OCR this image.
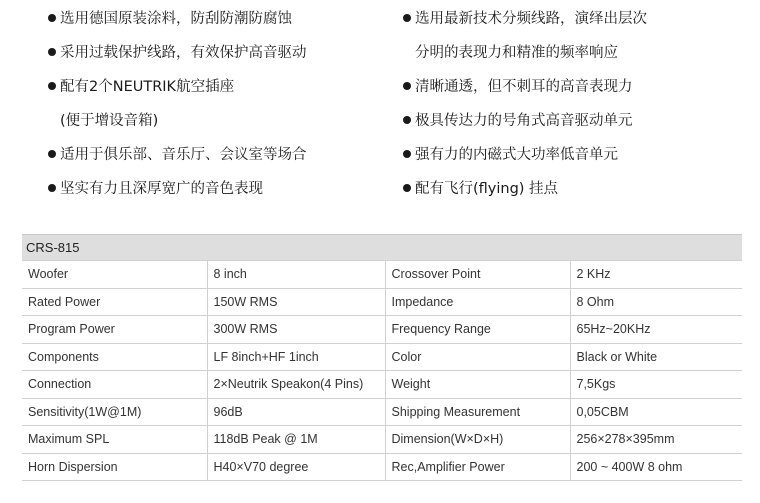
选用德国原装涂料，防刮防潮防腐蚀
采用过载保护线路，有效保护高音驱动
配有2个NEUTRIK航空插座
(便于增设音箱)
适用于俱乐部、音乐厅、会议室等场合
坚实有力且深厚宽广的音色表现
选用最新技术分频线路，演绎出层次
分明的表现力和精准的频率响应
清晰通透，但不刺耳的高音表现力
极具传达力的号角式高音驱动单元
强有力的内磁式大功率低音单元
配有飞行(flying) 挂点
CRS-815
Woofer	8 inch	Crossover Point	2 KHz
Rated Power	150W RMS	Impedance	8 Ohm
Program Power	300W RMS	Frequency Range	65Hz~20KHz
Components	LF 8inch+HF 1inch	Color	Black or White
Connection	2×Neutrik Speakon(4 Pins)	Weight	7,5Kgs
Sensitivity(1W@1M)	96dB	Shipping Measurement	0,05CBM
Maximum SPL	118dB Peak @ 1M	Dimension(W×D×H)	256×278×395mm
Horn Dispersion	H40×V70 degree	Rec,Amplifier Power	200 ~ 400W 8 ohm
